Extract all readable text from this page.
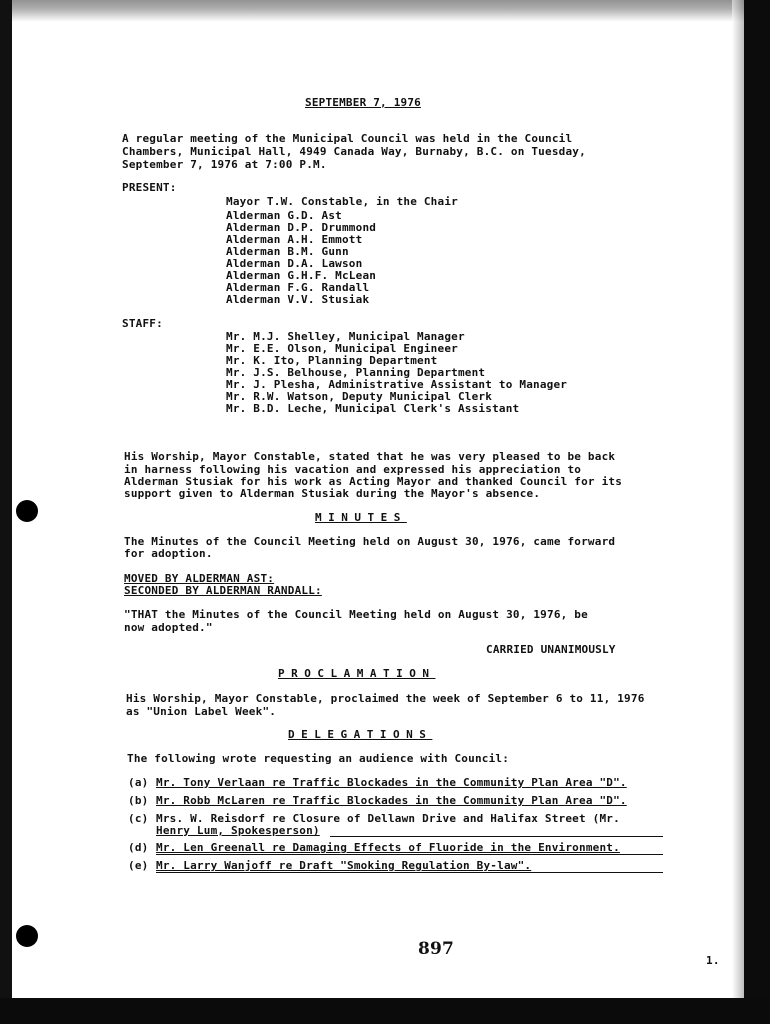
SEPTEMBER 7, 1976
A regular meeting of the Municipal Council was held in the Council
Chambers, Municipal Hall, 4949 Canada Way, Burnaby, B.C. on Tuesday,
September 7, 1976 at 7:00 P.M.
PRESENT:
Mayor T.W. Constable, in the Chair
Alderman G.D. Ast
Alderman D.P. Drummond
Alderman A.H. Emmott
Alderman B.M. Gunn
Alderman D.A. Lawson
Alderman G.H.F. McLean
Alderman F.G. Randall
Alderman V.V. Stusiak
STAFF:
Mr. M.J. Shelley, Municipal Manager
Mr. E.E. Olson, Municipal Engineer
Mr. K. Ito, Planning Department
Mr. J.S. Belhouse, Planning Department
Mr. J. Plesha, Administrative Assistant to Manager
Mr. R.W. Watson, Deputy Municipal Clerk
Mr. B.D. Leche, Municipal Clerk's Assistant
His Worship, Mayor Constable, stated that he was very pleased to be back
in harness following his vacation and expressed his appreciation to
Alderman Stusiak for his work as Acting Mayor and thanked Council for its
support given to Alderman Stusiak during the Mayor's absence.
MINUTES
The Minutes of the Council Meeting held on August 30, 1976, came forward
for adoption.
MOVED BY ALDERMAN AST:
SECONDED BY ALDERMAN RANDALL:
"THAT the Minutes of the Council Meeting held on August 30, 1976, be
now adopted."
CARRIED UNANIMOUSLY
PROCLAMATION
His Worship, Mayor Constable, proclaimed the week of September 6 to 11, 1976
as "Union Label Week".
DELEGATIONS
The following wrote requesting an audience with Council:
(a) Mr. Tony Verlaan re Traffic Blockades in the Community Plan Area "D".
(b) Mr. Robb McLaren re Traffic Blockades in the Community Plan Area "D".
(c) Mrs. W. Reisdorf re Closure of Dellawn Drive and Halifax Street (Mr.
Henry Lum, Spokesperson)
(d) Mr. Len Greenall re Damaging Effects of Fluoride in the Environment.
(e) Mr. Larry Wanjoff re Draft "Smoking Regulation By-law".
897
1.
